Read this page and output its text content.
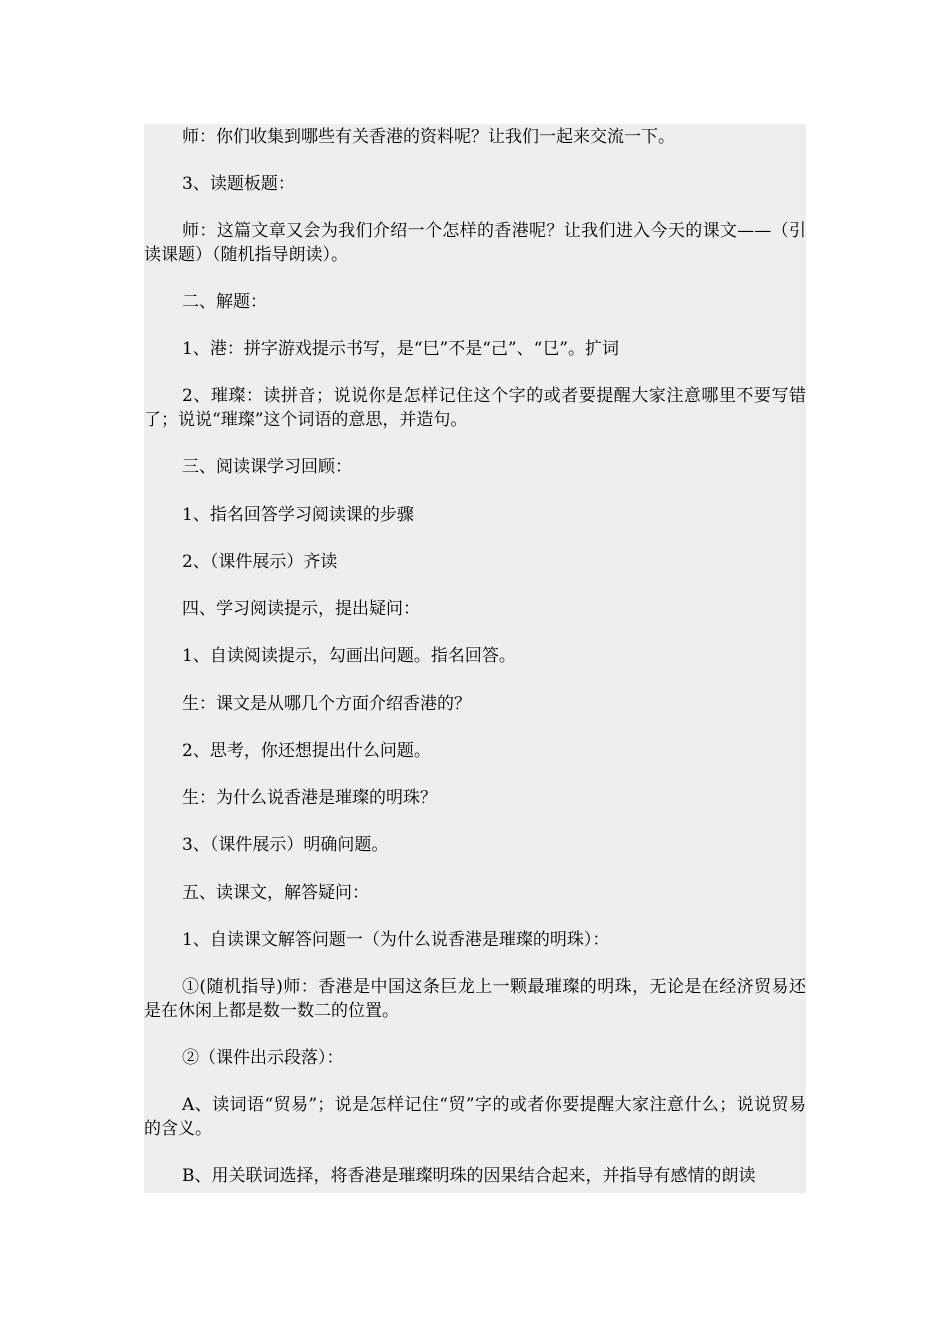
师：你们收集到哪些有关香港的资料呢？让我们一起来交流一下。

3、读题板题：

师：这篇文章又会为我们介绍一个怎样的香港呢？让我们进入今天的课文——（引读课题）（随机指导朗读）。

二、解题：

1、港：拼字游戏提示书写，是“巳”不是“己”、“㔾”。扩词

2、璀璨：读拼音；说说你是怎样记住这个字的或者要提醒大家注意哪里不要写错了；说说“璀璨”这个词语的意思，并造句。

三、阅读课学习回顾：

1、指名回答学习阅读课的步骤

2、（课件展示）齐读

四、学习阅读提示，提出疑问：

1、自读阅读提示，勾画出问题。指名回答。

生：课文是从哪几个方面介绍香港的？

2、思考，你还想提出什么问题。

生：为什么说香港是璀璨的明珠？

3、（课件展示）明确问题。

五、读课文，解答疑问：

1、自读课文解答问题一（为什么说香港是璀璨的明珠）：

①(随机指导)师：香港是中国这条巨龙上一颗最璀璨的明珠，无论是在经济贸易还是在休闲上都是数一数二的位置。

②（课件出示段落）：

A、读词语“贸易”；说是怎样记住“贸”字的或者你要提醒大家注意什么；说说贸易的含义。

B、用关联词选择，将香港是璀璨明珠的因果结合起来，并指导有感情的朗读
